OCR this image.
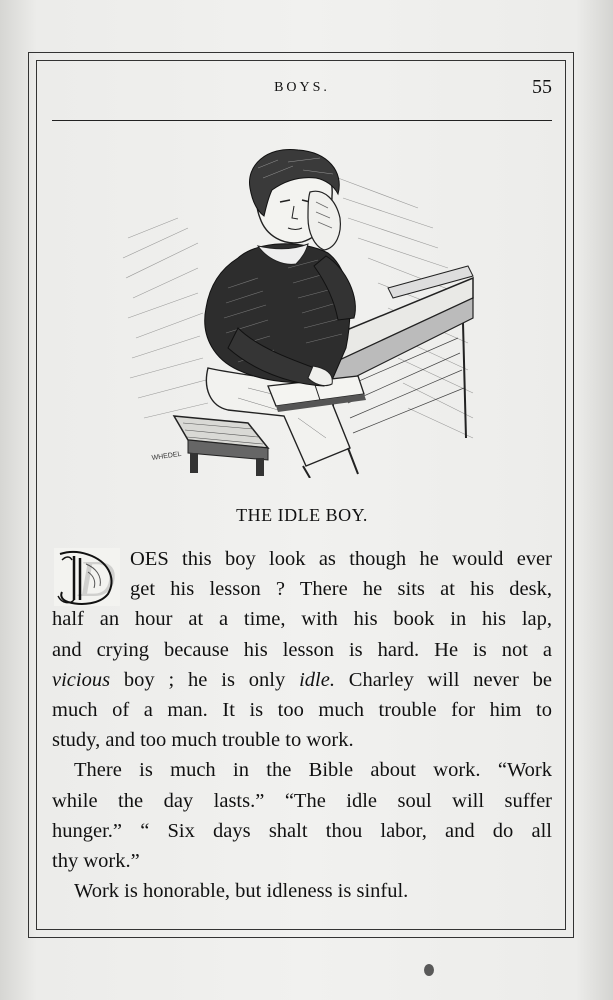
BOYS.	55
WHEDEL
THE IDLE BOY.
D OES this boy look as though he would ever
get his lesson ? There he sits at his desk,
half an hour at a time, with his book in his lap,
and crying because his lesson is hard. He is not a
vicious boy ; he is only idle. Charley will never be
much of a man. It is too much trouble for him to
study, and too much trouble to work.
There is much in the Bible about work. “Work
while the day lasts.” “The idle soul will suffer
hunger.” “ Six days shalt thou labor, and do all
thy work.”
Work is honorable, but idleness is sinful.
